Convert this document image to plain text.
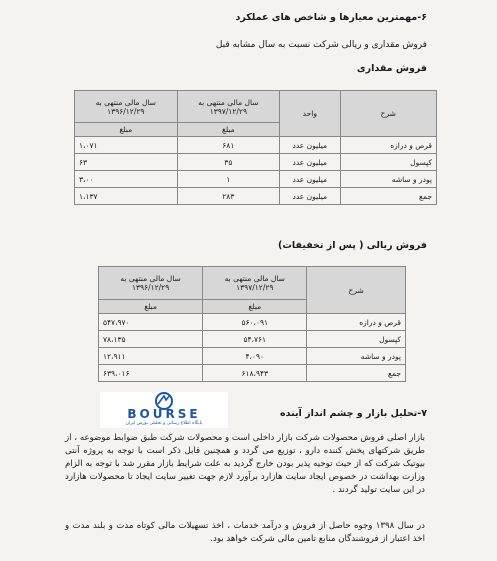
۶-مهمترین معیارها و شاخص های عملکرد
فروش مقداری و ریالی شرکت نسبت به سال مشابه قبل
فروش مقداری
شرح	واحد	سال مالی منتهی به ۱۳۹۷/۱۲/۲۹	سال مالی منتهی به ۱۳۹۶/۱۲/۲۹
		مبلغ	مبلغ
قرص و درازه	میلیون عدد	۶۸۱	۱،۰۷۱
کپسول	میلیون عدد	۳۵	۶۳
پودر و ساشه	میلیون عدد	۱	۳،۰۰
جمع	میلیون عدد	۲۸۳	۱،۱۳۷
فروش ریالی ( پس از تخفیفات)
شرح	سال مالی منتهی به ۱۳۹۷/۱۲/۲۹	سال مالی منتهی به ۱۳۹۶/۱۲/۲۹
	مبلغ	مبلغ
قرص و درازه	۵۶۰،۰۹۱	۵۴۷،۹۷۰
کپسول	۵۴،۷۶۱	۷۸،۱۳۵
پودر و ساشه	۴،۰۹۰	۱۲،۹۱۱
جمع	۶۱۸،۹۴۳	۶۳۹،۰۱۶
BOURSE
پایگاه اطلاع رسانی و تحلیلی بورس ایران
۷-تحلیل بازار و چشم انداز آینده
بازار اصلی فروش محصولات شرکت بازار داخلی است و محصولات شرکت طبق ضوابط موضوعه ، از طریق شرکتهای پخش کننده دارو ، توزیع می گردد و همچنین قابل ذکر است با توجه به پروژه آنتی بیوتیک شرکت که از حیث توجیه پذیر بودن خارج گردید به علت شرایط بازار مقرر شد با توجه به الزام وزارت بهداشت در خصوص ایجاد سایت هازارد برآورد لازم جهت تغییر سایت ایجاد تا محصولات هازارد در این سایت تولید گردند .
در سال ۱۳۹۸ وجوه حاصل از فروش و درآمد خدمات ، اخذ تسهیلات مالی کوتاه مدت و بلند مدت و اخذ اعتبار از فروشندگان منابع تامین مالی شرکت خواهد بود.
